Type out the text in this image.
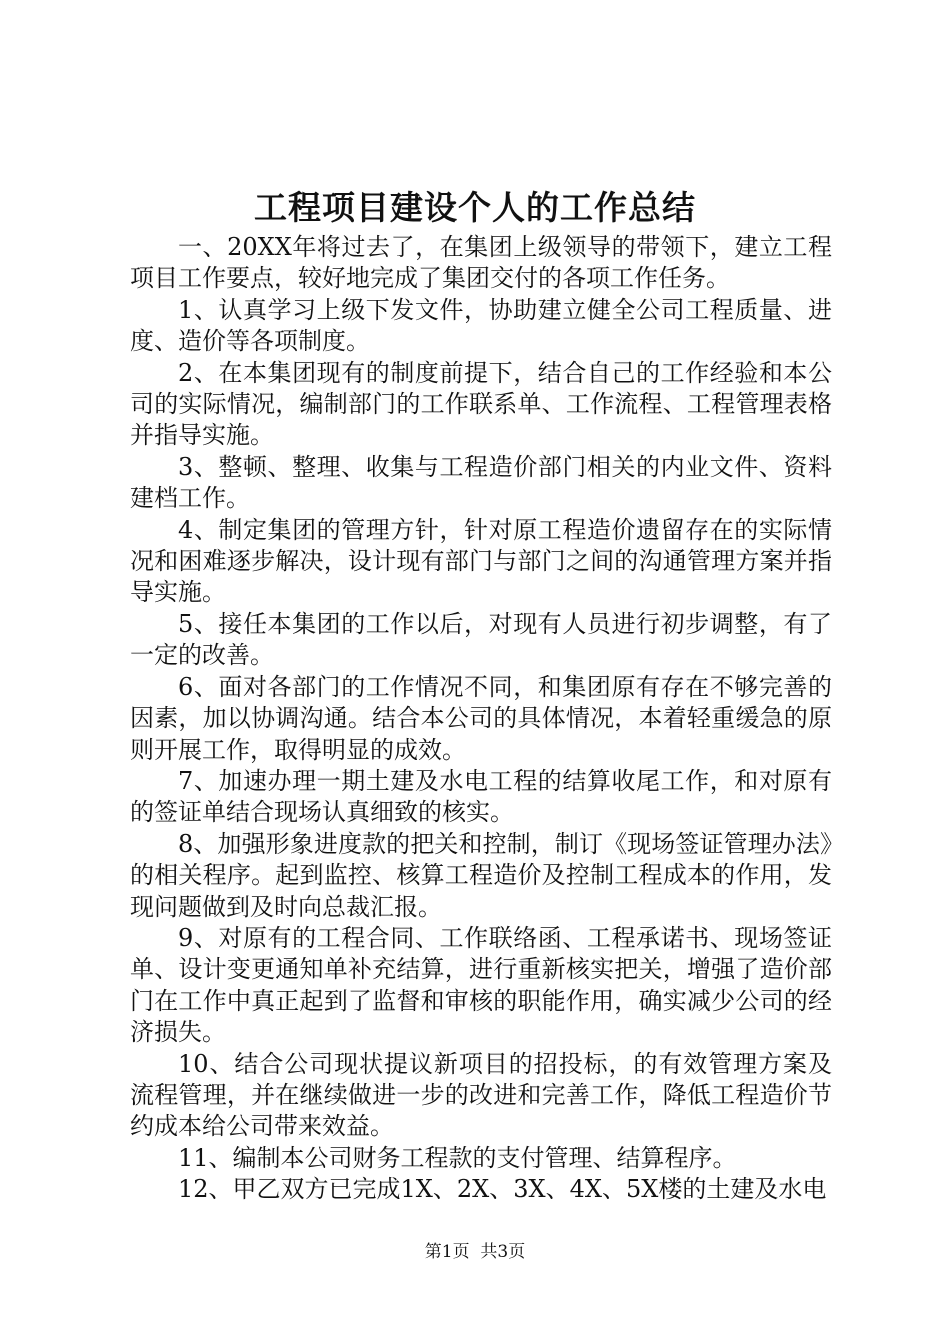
工程项目建设个人的工作总结

一、20XX年将过去了，在集团上级领导的带领下，建立工程项目工作要点，较好地完成了集团交付的各项工作任务。

1、认真学习上级下发文件，协助建立健全公司工程质量、进度、造价等各项制度。

2、在本集团现有的制度前提下，结合自己的工作经验和本公司的实际情况，编制部门的工作联系单、工作流程、工程管理表格并指导实施。

3、整顿、整理、收集与工程造价部门相关的内业文件、资料建档工作。

4、制定集团的管理方针，针对原工程造价遗留存在的实际情况和困难逐步解决，设计现有部门与部门之间的沟通管理方案并指导实施。

5、接任本集团的工作以后，对现有人员进行初步调整，有了一定的改善。

6、面对各部门的工作情况不同，和集团原有存在不够完善的因素，加以协调沟通。结合本公司的具体情况，本着轻重缓急的原则开展工作，取得明显的成效。

7、加速办理一期土建及水电工程的结算收尾工作，和对原有的签证单结合现场认真细致的核实。

8、加强形象进度款的把关和控制，制订《现场签证管理办法》的相关程序。起到监控、核算工程造价及控制工程成本的作用，发现问题做到及时向总裁汇报。

9、对原有的工程合同、工作联络函、工程承诺书、现场签证单、设计变更通知单补充结算，进行重新核实把关，增强了造价部门在工作中真正起到了监督和审核的职能作用，确实减少公司的经济损失。

10、结合公司现状提议新项目的招投标，的有效管理方案及流程管理，并在继续做进一步的改进和完善工作，降低工程造价节约成本给公司带来效益。

11、编制本公司财务工程款的支付管理、结算程序。

12、甲乙双方已完成1X、2X、3X、4X、5X楼的土建及水电

第1页 共3页
